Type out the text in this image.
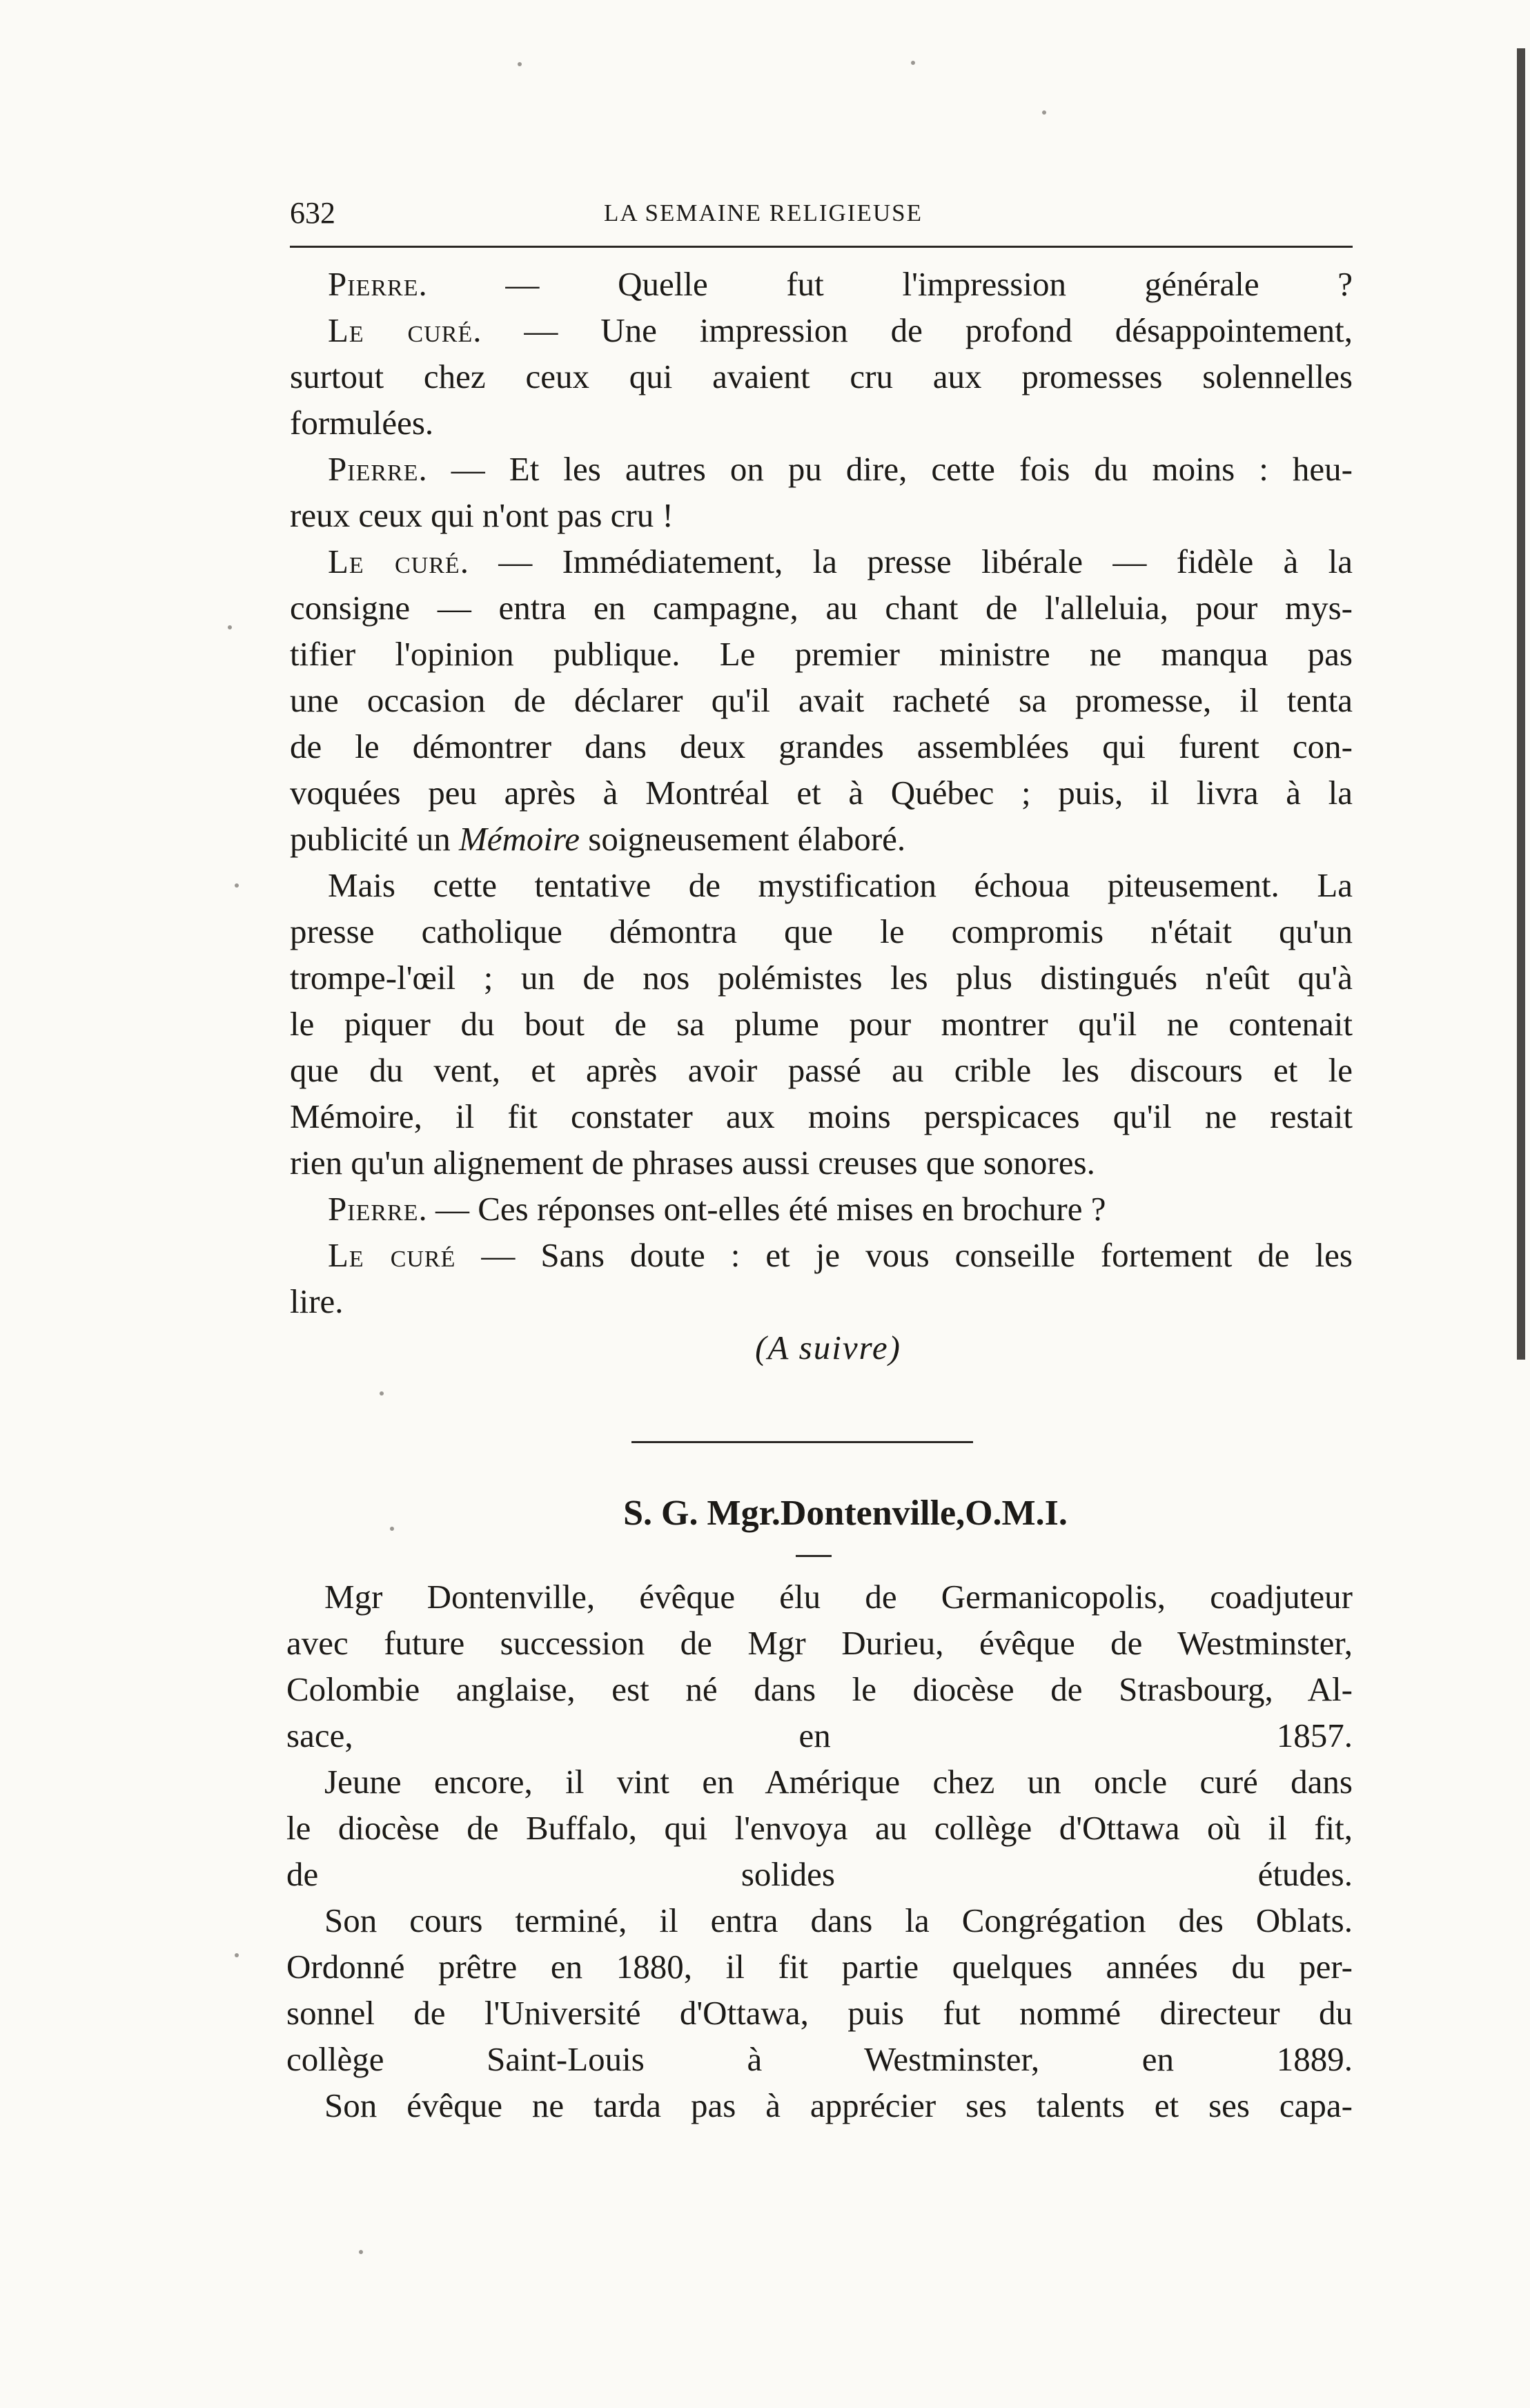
632	LA SEMAINE RELIGIEUSE
Pierre. — Quelle fut l'impression générale ?
Le curé. — Une impression de profond désappointement,
surtout chez ceux qui avaient cru aux promesses solennelles
formulées.
Pierre. — Et les autres on pu dire, cette fois du moins : heu-
reux ceux qui n'ont pas cru !
Le curé. — Immédiatement, la presse libérale — fidèle à la
consigne — entra en campagne, au chant de l'alleluia, pour mys-
tifier l'opinion publique. Le premier ministre ne manqua pas
une occasion de déclarer qu'il avait racheté sa promesse, il tenta
de le démontrer dans deux grandes assemblées qui furent con-
voquées peu après à Montréal et à Québec ; puis, il livra à la
publicité un Mémoire soigneusement élaboré.
Mais cette tentative de mystification échoua piteusement. La
presse catholique démontra que le compromis n'était qu'un
trompe-l'œil ; un de nos polémistes les plus distingués n'eût qu'à
le piquer du bout de sa plume pour montrer qu'il ne contenait
que du vent, et après avoir passé au crible les discours et le
Mémoire, il fit constater aux moins perspicaces qu'il ne restait
rien qu'un alignement de phrases aussi creuses que sonores.
Pierre. — Ces réponses ont-elles été mises en brochure ?
Le curé — Sans doute : et je vous conseille fortement de les
lire.
(A suivre)
S. G. Mgr.Dontenville,O.M.I.
Mgr Dontenville, évêque élu de Germanicopolis, coadjuteur
avec future succession de Mgr Durieu, évêque de Westminster,
Colombie anglaise, est né dans le diocèse de Strasbourg, Al-
sace, en 1857.
Jeune encore, il vint en Amérique chez un oncle curé dans
le diocèse de Buffalo, qui l'envoya au collège d'Ottawa où il fit,
de solides études.
Son cours terminé, il entra dans la Congrégation des Oblats.
Ordonné prêtre en 1880, il fit partie quelques années du per-
sonnel de l'Université d'Ottawa, puis fut nommé directeur du
collège Saint-Louis à Westminster, en 1889.
Son évêque ne tarda pas à apprécier ses talents et ses capa-
